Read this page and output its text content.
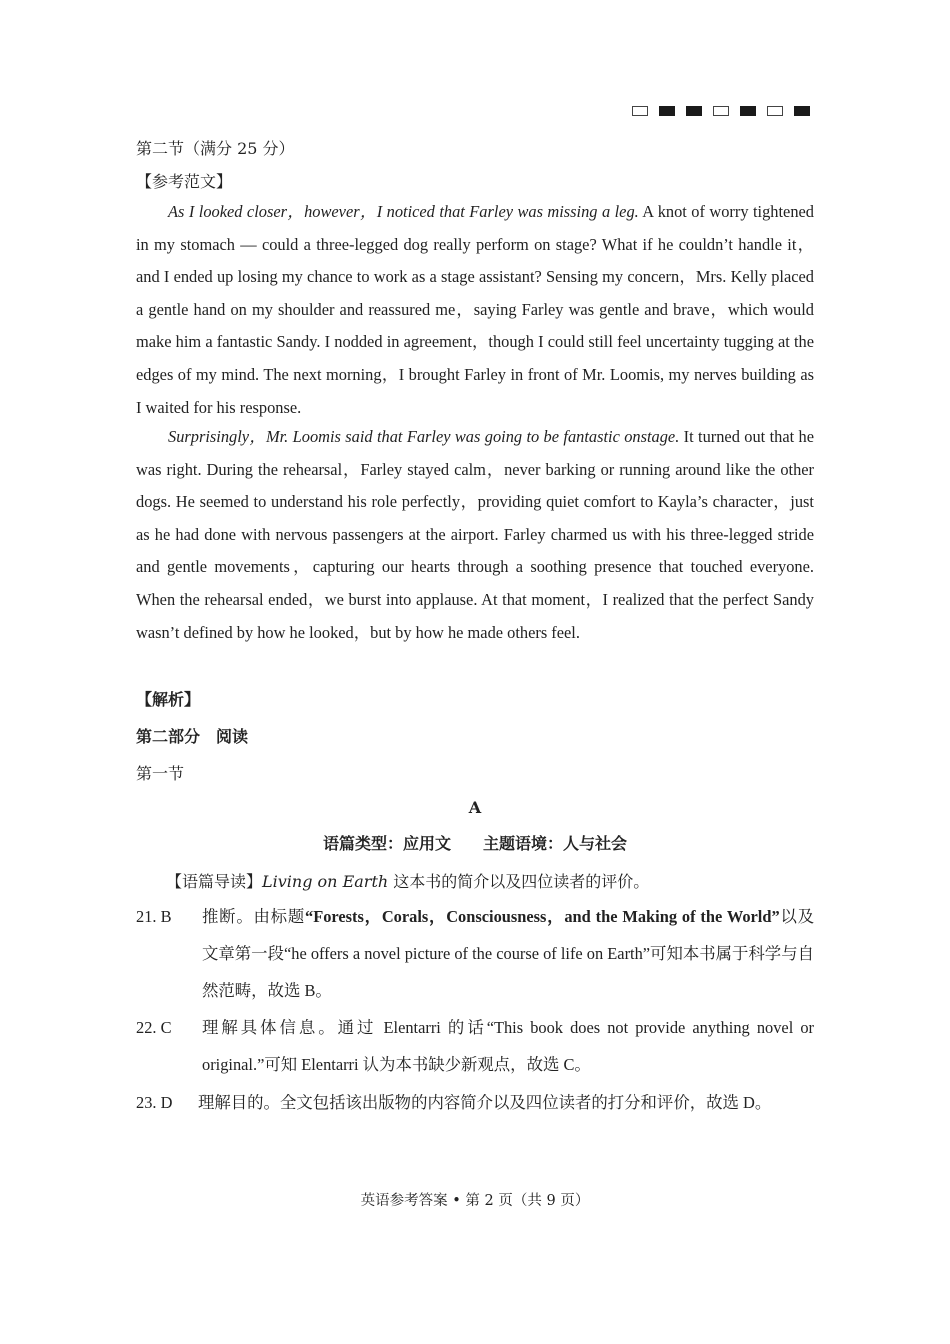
第二节（满分 25 分）
【参考范文】
As I looked closer，however，I noticed that Farley was missing a leg. A knot of worry tightened in my stomach — could a three-legged dog really perform on stage? What if he couldn’t handle it，and I ended up losing my chance to work as a stage assistant? Sensing my concern，Mrs. Kelly placed a gentle hand on my shoulder and reassured me，saying Farley was gentle and brave，which would make him a fantastic Sandy. I nodded in agreement，though I could still feel uncertainty tugging at the edges of my mind. The next morning，I brought Farley in front of Mr. Loomis, my nerves building as I waited for his response.
Surprisingly，Mr. Loomis said that Farley was going to be fantastic onstage. It turned out that he was right. During the rehearsal，Farley stayed calm，never barking or running around like the other dogs. He seemed to understand his role perfectly，providing quiet comfort to Kayla’s character，just as he had done with nervous passengers at the airport. Farley charmed us with his three-legged stride and gentle movements，capturing our hearts through a soothing presence that touched everyone. When the rehearsal ended，we burst into applause. At that moment，I realized that the perfect Sandy wasn’t defined by how he looked，but by how he made others feel.
【解析】
第二部分　阅读
第一节
A
语篇类型：应用文　　主题语境：人与社会
【语篇导读】Living on Earth 这本书的简介以及四位读者的评价。
21. B 推断。由标题“Forests，Corals，Consciousness，and the Making of the World”以及文章第一段“he offers a novel picture of the course of life on Earth”可知本书属于科学与自然范畴，故选 B。
22. C 理解具体信息。通过 Elentarri 的话“This book does not provide anything novel or original.”可知 Elentarri 认为本书缺少新观点，故选 C。
23. D 理解目的。全文包括该出版物的内容简介以及四位读者的打分和评价，故选 D。
英语参考答案 • 第 2 页（共 9 页）
